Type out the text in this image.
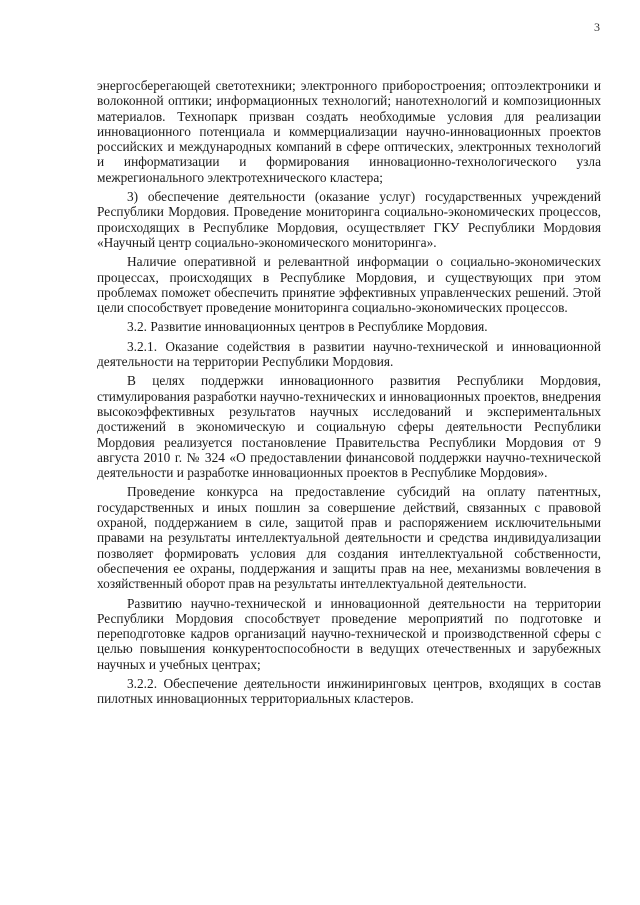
3

энергосберегающей светотехники; электронного приборостроения; оптоэлектроники и волоконной оптики; информационных технологий; нанотехнологий и композиционных материалов. Технопарк призван создать необходимые условия для реализации инновационного потенциала и коммерциализации научно-инновационных проектов российских и международных компаний в сфере оптических, электронных технологий и информатизации и формирования инновационно-технологического узла межрегионального электротехнического кластера;

3) обеспечение деятельности (оказание услуг) государственных учреждений Республики Мордовия. Проведение мониторинга социально-экономических процессов, происходящих в Республике Мордовия, осуществляет ГКУ Республики Мордовия «Научный центр социально-экономического мониторинга».

Наличие оперативной и релевантной информации о социально-экономических процессах, происходящих в Республике Мордовия, и существующих при этом проблемах поможет обеспечить принятие эффективных управленческих решений. Этой цели способствует проведение мониторинга социально-экономических процессов.

3.2. Развитие инновационных центров в Республике Мордовия.

3.2.1. Оказание содействия в развитии научно-технической и инновационной деятельности на территории Республики Мордовия.

В целях поддержки инновационного развития Республики Мордовия, стимулирования разработки научно-технических и инновационных проектов, внедрения высокоэффективных результатов научных исследований и экспериментальных достижений в экономическую и социальную сферы деятельности Республики Мордовия реализуется постановление Правительства Республики Мордовия от 9 августа 2010 г. № 324 «О предоставлении финансовой поддержки научно-технической деятельности и разработке инновационных проектов в Республике Мордовия».

Проведение конкурса на предоставление субсидий на оплату патентных, государственных и иных пошлин за совершение действий, связанных с правовой охраной, поддержанием в силе, защитой прав и распоряжением исключительными правами на результаты интеллектуальной деятельности и средства индивидуализации позволяет формировать условия для создания интеллектуальной собственности, обеспечения ее охраны, поддержания и защиты прав на нее, механизмы вовлечения в хозяйственный оборот прав на результаты интеллектуальной деятельности.

Развитию научно-технической и инновационной деятельности на территории Республики Мордовия способствует проведение мероприятий по подготовке и переподготовке кадров организаций научно-технической и производственной сферы с целью повышения конкурентоспособности в ведущих отечественных и зарубежных научных и учебных центрах;

3.2.2. Обеспечение деятельности инжиниринговых центров, входящих в состав пилотных инновационных территориальных кластеров.
